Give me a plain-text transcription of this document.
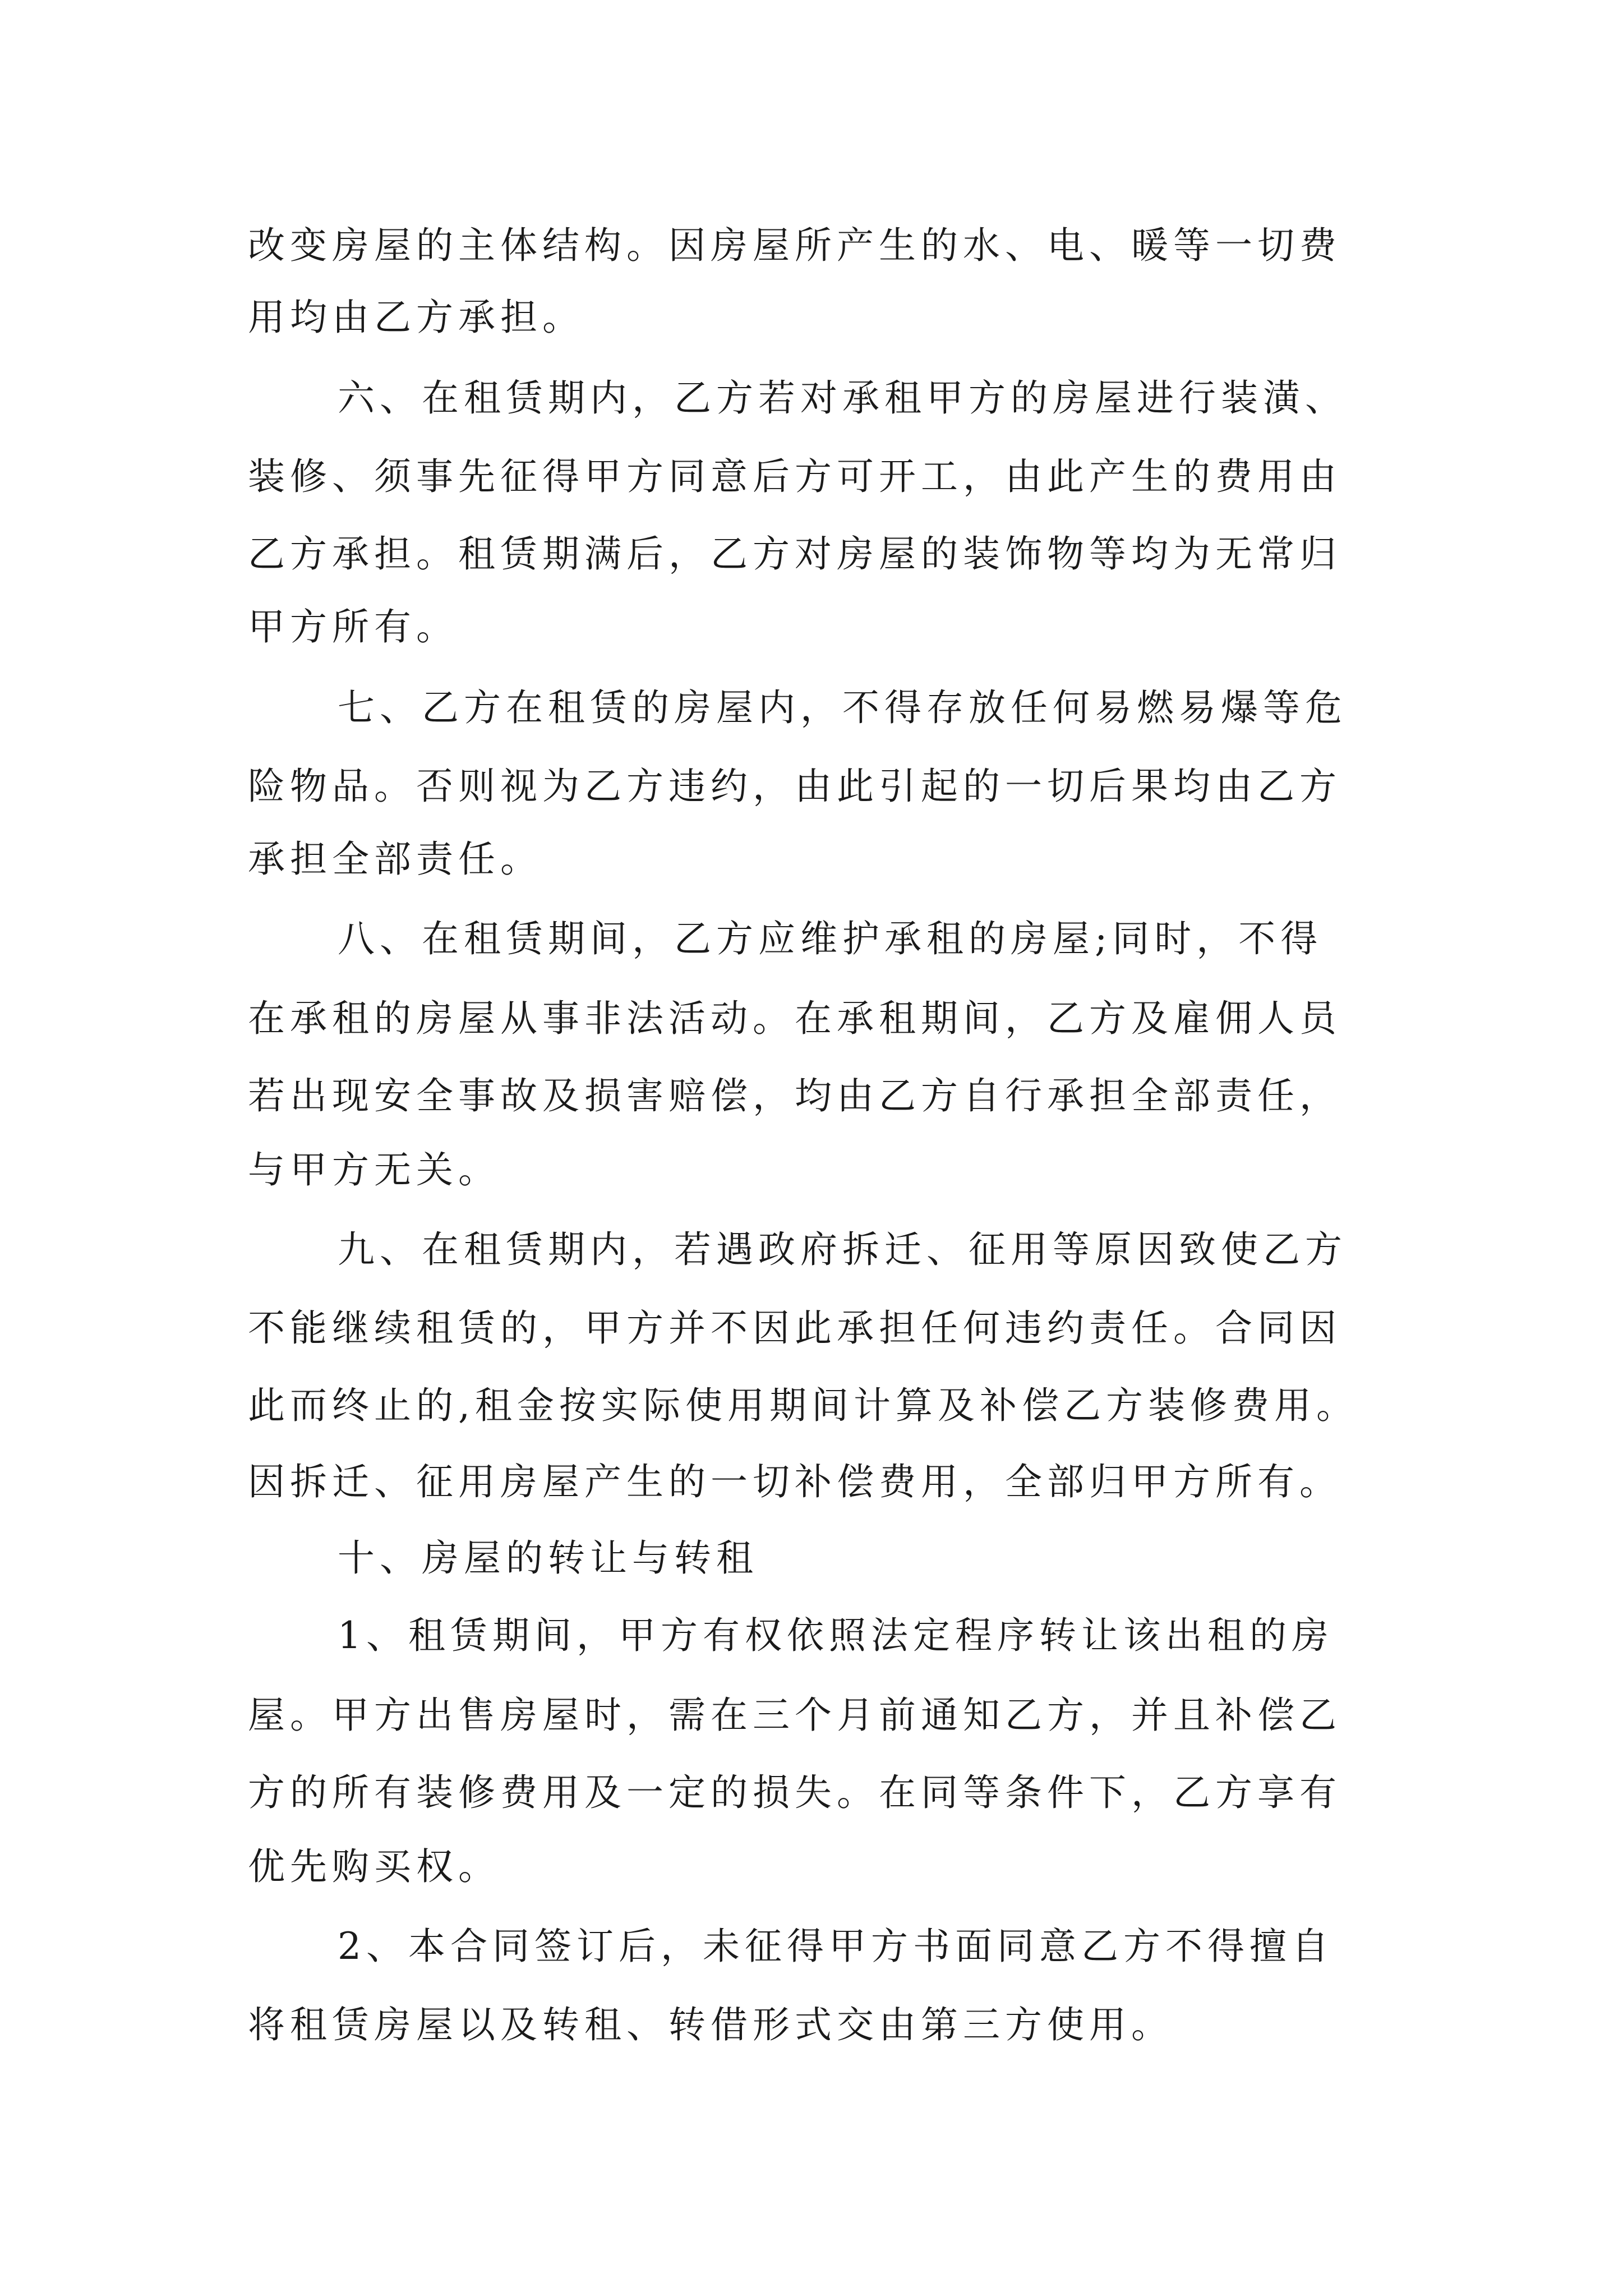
改变房屋的主体结构。因房屋所产生的水、电、暖等一切费

用均由乙方承担。

六、在租赁期内，乙方若对承租甲方的房屋进行装潢、

装修、须事先征得甲方同意后方可开工，由此产生的费用由

乙方承担。租赁期满后，乙方对房屋的装饰物等均为无常归

甲方所有。

七、乙方在租赁的房屋内，不得存放任何易燃易爆等危

险物品。否则视为乙方违约，由此引起的一切后果均由乙方

承担全部责任。

八、在租赁期间，乙方应维护承租的房屋;同时，不得

在承租的房屋从事非法活动。在承租期间，乙方及雇佣人员

若出现安全事故及损害赔偿，均由乙方自行承担全部责任，

与甲方无关。

九、在租赁期内，若遇政府拆迁、征用等原因致使乙方

不能继续租赁的，甲方并不因此承担任何违约责任。合同因

此而终止的,租金按实际使用期间计算及补偿乙方装修费用。

因拆迁、征用房屋产生的一切补偿费用，全部归甲方所有。

十、房屋的转让与转租

1、租赁期间，甲方有权依照法定程序转让该出租的房

屋。甲方出售房屋时，需在三个月前通知乙方，并且补偿乙

方的所有装修费用及一定的损失。在同等条件下，乙方享有

优先购买权。

2、本合同签订后，未征得甲方书面同意乙方不得擅自

将租赁房屋以及转租、转借形式交由第三方使用。
